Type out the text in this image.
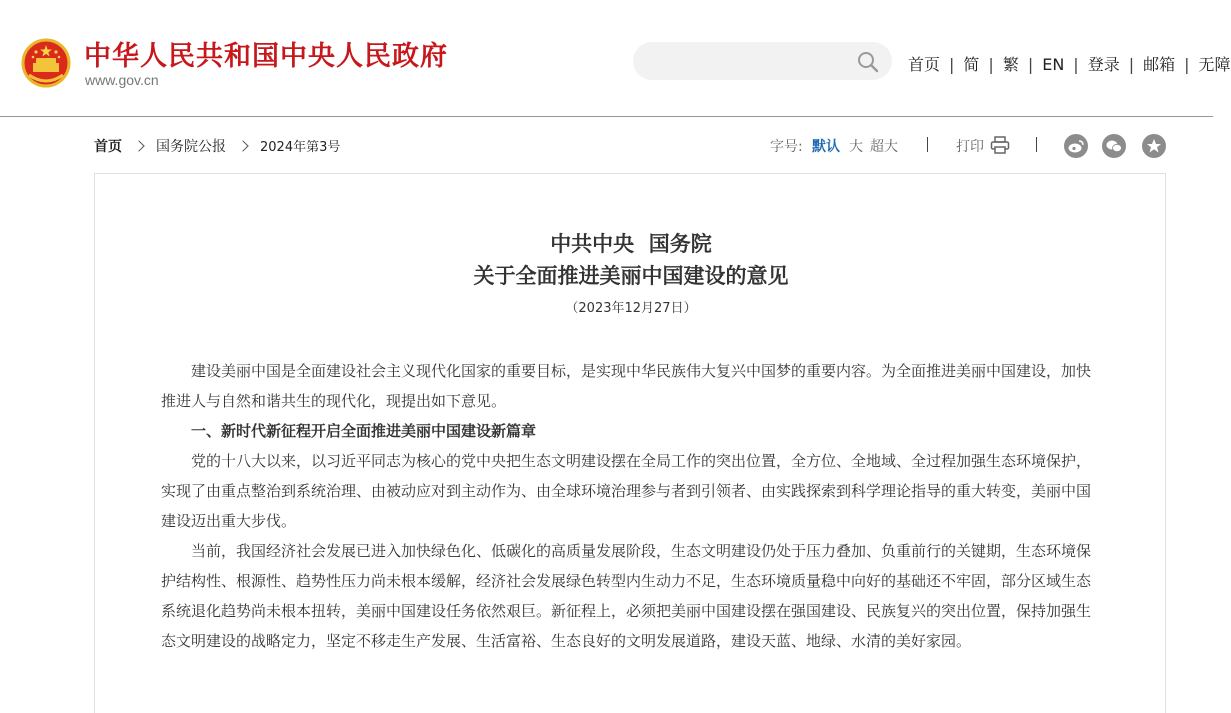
中华人民共和国中央人民政府
www.gov.cn
首页 | 简 | 繁 | EN | 登录 | 邮箱 | 无障
首页 国务院公报	2024年第3号	字号: 默认 大 超大	打印
中共中央  国务院
关于全面推进美丽中国建设的意见
（2023年12月27日）

建设美丽中国是全面建设社会主义现代化国家的重要目标，是实现中华民族伟大复兴中国梦的重要内容。为全面推进美丽中国建设，加快推进人与自然和谐共生的现代化，现提出如下意见。

一、新时代新征程开启全面推进美丽中国建设新篇章

党的十八大以来，以习近平同志为核心的党中央把生态文明建设摆在全局工作的突出位置，全方位、全地域、全过程加强生态环境保护，实现了由重点整治到系统治理、由被动应对到主动作为、由全球环境治理参与者到引领者、由实践探索到科学理论指导的重大转变，美丽中国建设迈出重大步伐。

当前，我国经济社会发展已进入加快绿色化、低碳化的高质量发展阶段，生态文明建设仍处于压力叠加、负重前行的关键期，生态环境保护结构性、根源性、趋势性压力尚未根本缓解，经济社会发展绿色转型内生动力不足，生态环境质量稳中向好的基础还不牢固，部分区域生态系统退化趋势尚未根本扭转，美丽中国建设任务依然艰巨。新征程上，必须把美丽中国建设摆在强国建设、民族复兴的突出位置，保持加强生态文明建设的战略定力，坚定不移走生产发展、生活富裕、生态良好的文明发展道路，建设天蓝、地绿、水清的美好家园。
